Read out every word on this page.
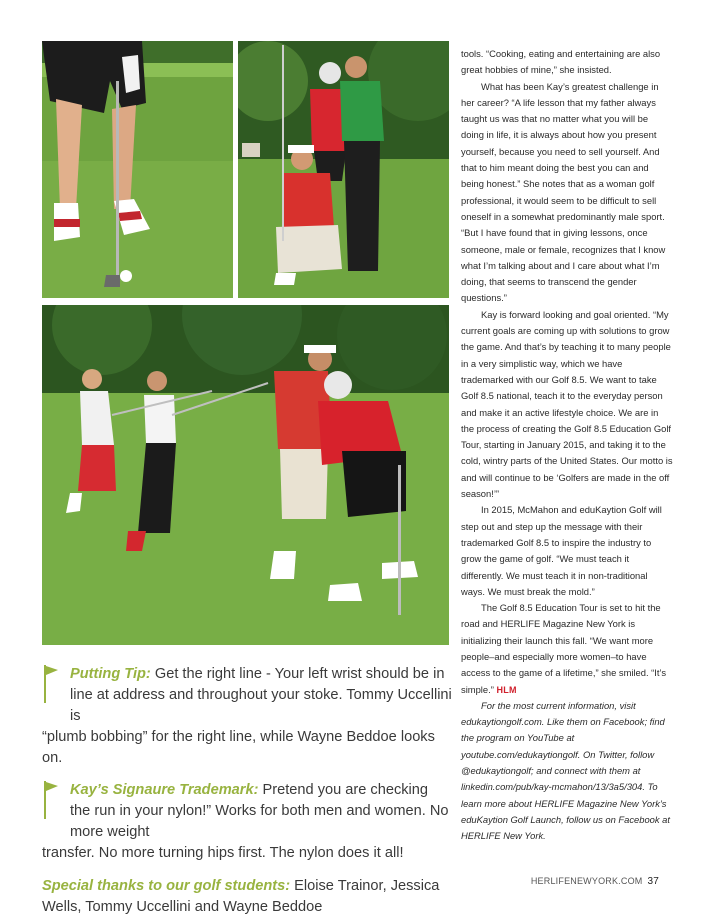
tools. “Cooking, eating and entertaining are also great hobbies of mine,” she insisted.

What has been Kay’s greatest challenge in her career? “A life lesson that my father always taught us was that no matter what you will be doing in life, it is always about how you present yourself, because you need to sell yourself. And that to him meant doing the best you can and being honest.” She notes that as a woman golf professional, it would seem to be difficult to sell oneself in a somewhat predominantly male sport. “But I have found that in giving lessons, once someone, male or female, recognizes that I know what I’m talking about and I care about what I’m doing, that seems to transcend the gender questions.”

Kay is forward looking and goal oriented. “My current goals are coming up with solutions to grow the game. And that’s by teaching it to many people in a very simplistic way, which we have trademarked with our Golf 8.5. We want to take Golf 8.5 national, teach it to the everyday person and make it an active lifestyle choice. We are in the process of creating the Golf 8.5 Education Golf Tour, starting in January 2015, and taking it to the cold, wintry parts of the United States. Our motto is and will continue to be ‘Golfers are made in the off season!’”

In 2015, McMahon and eduKaytion Golf will step out and step up the message with their trademarked Golf 8.5 to inspire the industry to grow the game of golf. “We must teach it differently. We must teach it in non-traditional ways. We must break the mold.”

The Golf 8.5 Education Tour is set to hit the road and HERLIFE Magazine New York is initializing their launch this fall. “We want more people–and especially more women–to have access to the game of a lifetime,” she smiled. “It’s simple.” HLM

For the most current information, visit edukaytiongolf.com. Like them on Facebook; find the program on YouTube at youtube.com/edukaytiongolf. On Twitter, follow @edukaytiongolf; and connect with them at linkedin.com/pub/kay-mcmahon/13/3a5/304. To learn more about HERLIFE Magazine New York’s eduKaytion Golf Launch, follow us on Facebook at HERLIFE New York.

Putting Tip: Get the right line - Your left wrist should be in line at address and throughout your stoke. Tommy Uccellini is
“plumb bobbing” for the right line, while Wayne Beddoe looks on.
Kay’s Signaure Trademark: Pretend you are checking the run in your nylon!” Works for both men and women. No more weight
transfer. No more turning hips first. The nylon does it all!
Special thanks to our golf students: Eloise Trainor, Jessica Wells, Tommy Uccellini and Wayne Beddoe
HERLIFENEWYORK.COM 37
